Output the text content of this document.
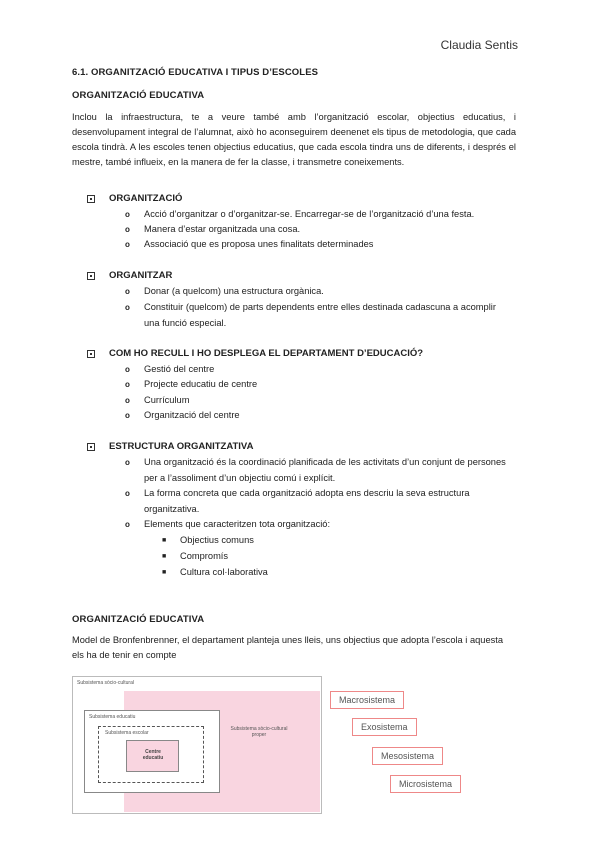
Claudia Sentis
6.1. ORGANITZACIÓ EDUCATIVA I TIPUS D’ESCOLES
ORGANITZACIÓ EDUCATIVA
Inclou la infraestructura, te a veure també amb l’organització escolar, objectius educatius, i desenvolupament integral de l’alumnat, això ho aconseguirem deenenet els tipus de metodologia, que cada escola tindrà. A les escoles tenen objectius educatius, que cada escola tindra uns de diferents, i després el mestre, també influeix, en la manera de fer la classe, i transmetre coneixements.
ORGANITZACIÓ
o	Acció d’organitzar o d’organitzar-se. Encarregar-se de l’organització d’una festa.
o	Manera d’estar organitzada una cosa.
o	Associació que es proposa unes finalitats determinades
ORGANITZAR
o	Donar (a quelcom) una estructura orgànica.
o	Constituir (quelcom) de parts dependents entre elles destinada cadascuna a acomplir una funció especial.
COM HO RECULL I HO DESPLEGA EL DEPARTAMENT D’EDUCACIÓ?
o	Gestió del centre
o	Projecte educatiu de centre
o	Currículum
o	Organització del centre
ESTRUCTURA ORGANITZATIVA
o	Una organització és la coordinació planificada de les activitats d’un conjunt de persones per a l’assoliment d’un objectiu comú i explícit.
o	La forma concreta que cada organització adopta ens descriu la seva estructura organitzativa.
o	Elements que caracteritzen tota organització:
■	Objectius comuns
■	Compromís
■	Cultura col·laborativa
ORGANITZACIÓ EDUCATIVA
Model de Bronfenbrenner, el departament planteja unes lleis, uns objectius que adopta l’escola i aquesta els ha de tenir en compte
Subsistema sòcio-cultural
Subsistema sòcio-cultural proper
Subsistema educatiu
Subsistema escolar
Centre educatiu
Macrosistema
Exosistema
Mesosistema
Microsistema
